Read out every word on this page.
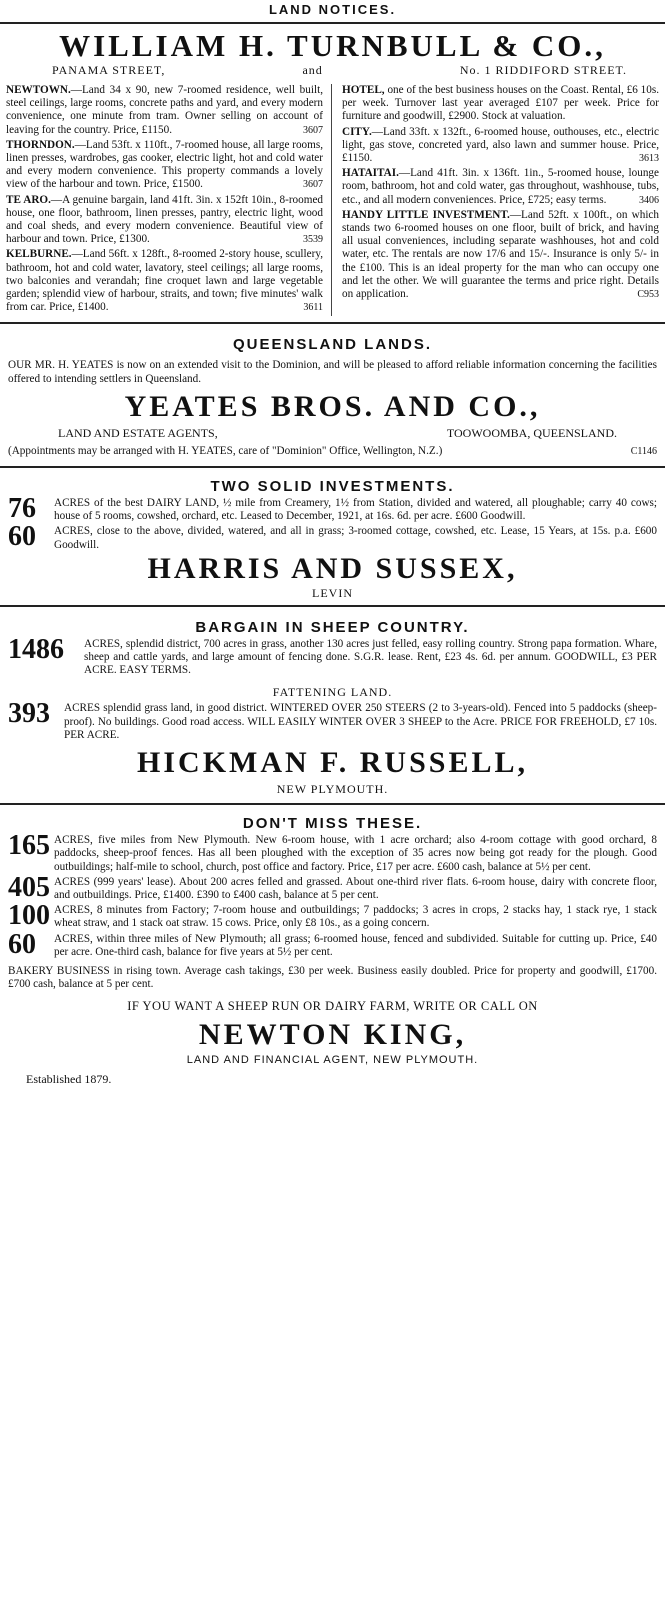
LAND NOTICES.
WILLIAM H. TURNBULL & CO.,
PANAMA STREET,	and	No. 1 RIDDIFORD STREET.
NEWTOWN.—Land 34 x 90, new 7-roomed residence, well built, steel ceilings, large rooms, concrete paths and yard, and every modern convenience, one minute from tram. Owner selling on account of leaving for the country. Price, £1150.	3607
THORNDON.—Land 53ft. x 110ft., 7-roomed house, all large rooms, linen presses, wardrobes, gas cooker, electric light, hot and cold water and every modern convenience. This property commands a lovely view of the harbour and town. Price, £1500.	3607
TE ARO.—A genuine bargain, land 41ft. 3in. x 152ft 10in., 8-roomed house, one floor, bathroom, linen presses, pantry, electric light, wood and coal sheds, and every modern convenience. Beautiful view of harbour and town. Price, £1300.	3539
KELBURNE.—Land 56ft. x 128ft., 8-roomed 2-story house, scullery, bathroom, hot and cold water, lavatory, steel ceilings; all large rooms, two balconies and verandah; fine croquet lawn and large vegetable garden; splendid view of harbour, straits, and town; five minutes' walk from car. Price, £1400.	3611
HOTEL, one of the best business houses on the Coast. Rental, £6 10s. per week. Turnover last year averaged £107 per week. Price for furniture and goodwill, £2900. Stock at valuation.
CITY.—Land 33ft. x 132ft., 6-roomed house, outhouses, etc., electric light, gas stove, concreted yard, also lawn and summer house. Price, £1150.	3613
HATAITAI.—Land 41ft. 3in. x 136ft. 1in., 5-roomed house, lounge room, bathroom, hot and cold water, gas throughout, washhouse, tubs, etc., and all modern conveniences. Price, £725; easy terms.	3406
HANDY LITTLE INVESTMENT.—Land 52ft. x 100ft., on which stands two 6-roomed houses on one floor, built of brick, and having all usual conveniences, including separate washhouses, hot and cold water, etc. The rentals are now 17/6 and 15/-. Insurance is only 5/- in the £100. This is an ideal property for the man who can occupy one and let the other. We will guarantee the terms and price right. Details on application.	C953
QUEENSLAND LANDS.
OUR MR. H. YEATES is now on an extended visit to the Dominion, and will be pleased to afford reliable information concerning the facilities offered to intending settlers in Queensland.
YEATES BROS. AND CO.,
LAND AND ESTATE AGENTS,	TOOWOOMBA, QUEENSLAND.
(Appointments may be arranged with H. YEATES, care of "Dominion" Office, Wellington, N.Z.)	C1146
TWO SOLID INVESTMENTS.
76	ACRES of the best DAIRY LAND, ½ mile from Creamery, 1½ from Station, divided and watered, all ploughable; carry 40 cows; house of 5 rooms, cowshed, orchard, etc. Leased to December, 1921, at 16s. 6d. per acre. £600 Goodwill.
60	ACRES, close to the above, divided, watered, and all in grass; 3-roomed cottage, cowshed, etc. Lease, 15 Years, at 15s. p.a. £600 Goodwill.
HARRIS AND SUSSEX,
LEVIN
BARGAIN IN SHEEP COUNTRY.
1486	ACRES, splendid district, 700 acres in grass, another 130 acres just felled, easy rolling country. Strong papa formation. Whare, sheep and cattle yards, and large amount of fencing done. S.G.R. lease. Rent, £23 4s. 6d. per annum. GOODWILL, £3 PER ACRE. EASY TERMS.
FATTENING LAND.
393	ACRES splendid grass land, in good district. WINTERED OVER 250 STEERS (2 to 3-years-old). Fenced into 5 paddocks (sheep-proof). No buildings. Good road access. WILL EASILY WINTER OVER 3 SHEEP to the Acre. PRICE FOR FREEHOLD, £7 10s. PER ACRE.
HICKMAN F. RUSSELL,
NEW PLYMOUTH.
DON'T MISS THESE.
165 ACRES, five miles from New Plymouth. New 6-room house, with 1 acre orchard; also 4-room cottage with good orchard, 8 paddocks, sheep-proof fences. Has all been ploughed with the exception of 35 acres now being got ready for the plough. Good outbuildings; half-mile to school, church, post office and factory. Price, £17 per acre. £600 cash, balance at 5½ per cent.
405 ACRES (999 years' lease). About 200 acres felled and grassed. About one-third river flats. 6-room house, dairy with concrete floor, and outbuildings. Price, £1400. £390 to £400 cash, balance at 5 per cent.
100 ACRES, 8 minutes from Factory; 7-room house and outbuildings; 7 paddocks; 3 acres in crops, 2 stacks hay, 1 stack rye, 1 stack wheat straw, and 1 stack oat straw. 15 cows. Price, only £8 10s., as a going concern.
60	ACRES, within three miles of New Plymouth; all grass; 6-roomed house, fenced and subdivided. Suitable for cutting up. Price, £40 per acre. One-third cash, balance for five years at 5½ per cent.
BAKERY BUSINESS in rising town. Average cash takings, £30 per week. Business easily doubled. Price for property and goodwill, £1700. £700 cash, balance at 5 per cent.
IF YOU WANT A SHEEP RUN OR DAIRY FARM, WRITE OR CALL ON
NEWTON KING,
LAND AND FINANCIAL AGENT, NEW PLYMOUTH.
Established 1879.
